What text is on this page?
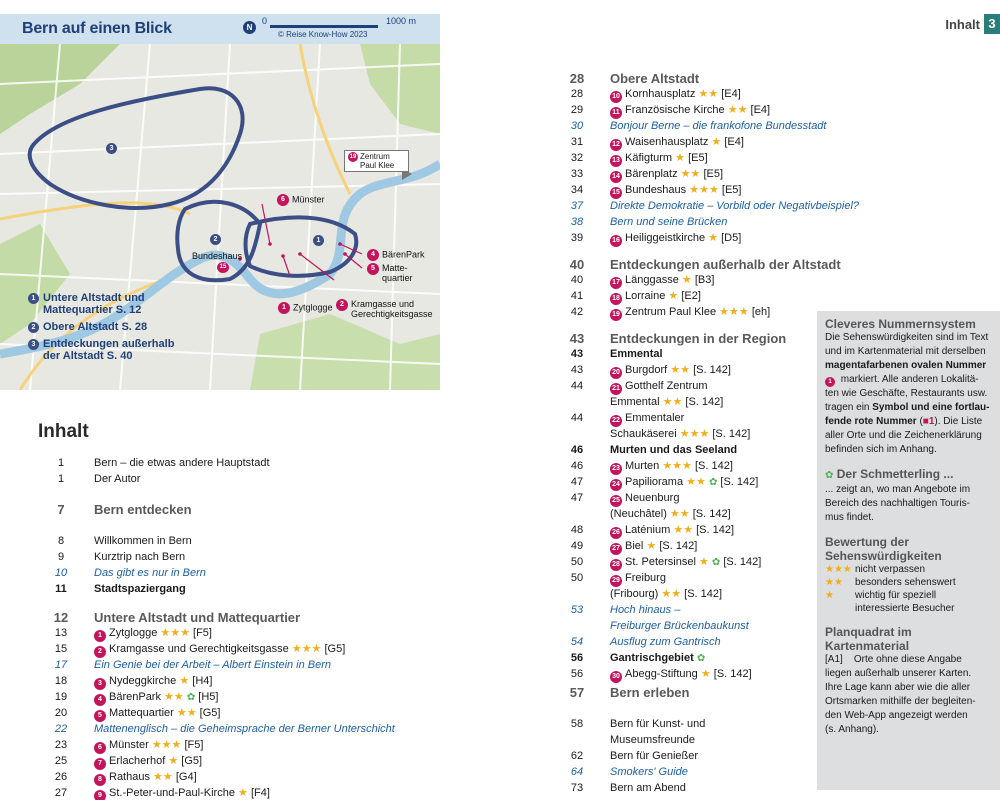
Bern auf einen Blick	N
0	1000 m
© Reise Know-How 2023
3
2	1
6 Münster
Bundeshaus
15
4 BärenPark
5 Matte-
quartier
1 Zytglogge	2 Kramgasse und
Gerechtigkeitsgasse
19 Zentrum
Paul Klee
1 Untere Altstadt und
Mattequartier S. 12
2 Obere Altstadt S. 28
3 Entdeckungen außerhalb
der Altstadt S. 40
Inhalt 3
Inhalt
1	Bern – die etwas andere Hauptstadt
1	Der Autor
7	Bern entdecken
8	Willkommen in Bern
9	Kurztrip nach Bern
10	Das gibt es nur in Bern
11	Stadtspaziergang
12	Untere Altstadt und Mattequartier
13	1 Zytglogge ★★★ [F5]
15	2 Kramgasse und Gerechtigkeitsgasse ★★★ [G5]
17	Ein Genie bei der Arbeit – Albert Einstein in Bern
18	3 Nydeggkirche ★ [H4]
19	4 BärenPark ★★ ✿ [H5]
20	5 Mattequartier ★★ [G5]
22	Mattenenglisch – die Geheimsprache der Berner Unterschicht
23	6 Münster ★★★ [F5]
25	7 Erlacherhof ★ [G5]
26	8 Rathaus ★★ [G4]
27	9 St.-Peter-und-Paul-Kirche ★ [F4]
28	Obere Altstadt
28	10 Kornhausplatz ★★ [E4]
29	11 Französische Kirche ★★ [E4]
30	Bonjour Berne – die frankofone Bundesstadt
31	12 Waisenhausplatz ★ [E4]
32	13 Käfigturm ★ [E5]
33	14 Bärenplatz ★★ [E5]
34	15 Bundeshaus ★★★ [E5]
37	Direkte Demokratie – Vorbild oder Negativbeispiel?
38	Bern und seine Brücken
39	16 Heiliggeistkirche ★ [D5]
40	Entdeckungen außerhalb der Altstadt
40	17 Länggasse ★ [B3]
41	18 Lorraine ★ [E2]
42	19 Zentrum Paul Klee ★★★ [eh]
43	Entdeckungen in der Region
43	Emmental
43	20 Burgdorf ★★ [S. 142]
44	21 Gotthelf Zentrum
Emmental ★★ [S. 142]
44	22 Emmentaler
Schaukäserei ★★★ [S. 142]
46	Murten und das Seeland
46	23 Murten ★★★ [S. 142]
47	24 Papiliorama ★★ ✿ [S. 142]
47	25 Neuenburg
(Neuchâtel) ★★ [S. 142]
48	26 Laténium ★★ [S. 142]
49	27 Biel ★ [S. 142]
50	28 St. Petersinsel ★ ✿ [S. 142]
50	29 Freiburg
(Fribourg) ★★ [S. 142]
53	Hoch hinaus –
Freiburger Brückenbaukunst
54	Ausflug zum Gantrisch
56	Gantrischgebiet ✿
56	30 Abegg-Stiftung ★ [S. 142]
57	Bern erleben
58	Bern für Kunst- und
Museumsfreunde
62	Bern für Genießer
64	Smokers' Guide
73	Bern am Abend
Cleveres Nummernsystem
Die Sehenswürdigkeiten sind im Text
und im Kartenmaterial mit derselben
magentafarbenen ovalen Nummer
1 markiert. Alle anderen Lokalitä-
ten wie Geschäfte, Restaurants usw.
tragen ein Symbol und eine fortlau-
fende rote Nummer (■1). Die Liste
aller Orte und die Zeichenerklärung
befinden sich im Anhang.
✿ Der Schmetterling ...
... zeigt an, wo man Angebote im
Bereich des nachhaltigen Touris-
mus findet.
Bewertung der
Sehenswürdigkeiten
★★★ nicht verpassen
★★	besonders sehenswert
★	wichtig für speziell
interessierte Besucher
Planquadrat im Kartenmaterial
[A1]    Orte ohne diese Angabe
liegen außerhalb unserer Karten.
Ihre Lage kann aber wie die aller
Ortsmarken mithilfe der begleiten-
den Web-App angezeigt werden
(s. Anhang).
